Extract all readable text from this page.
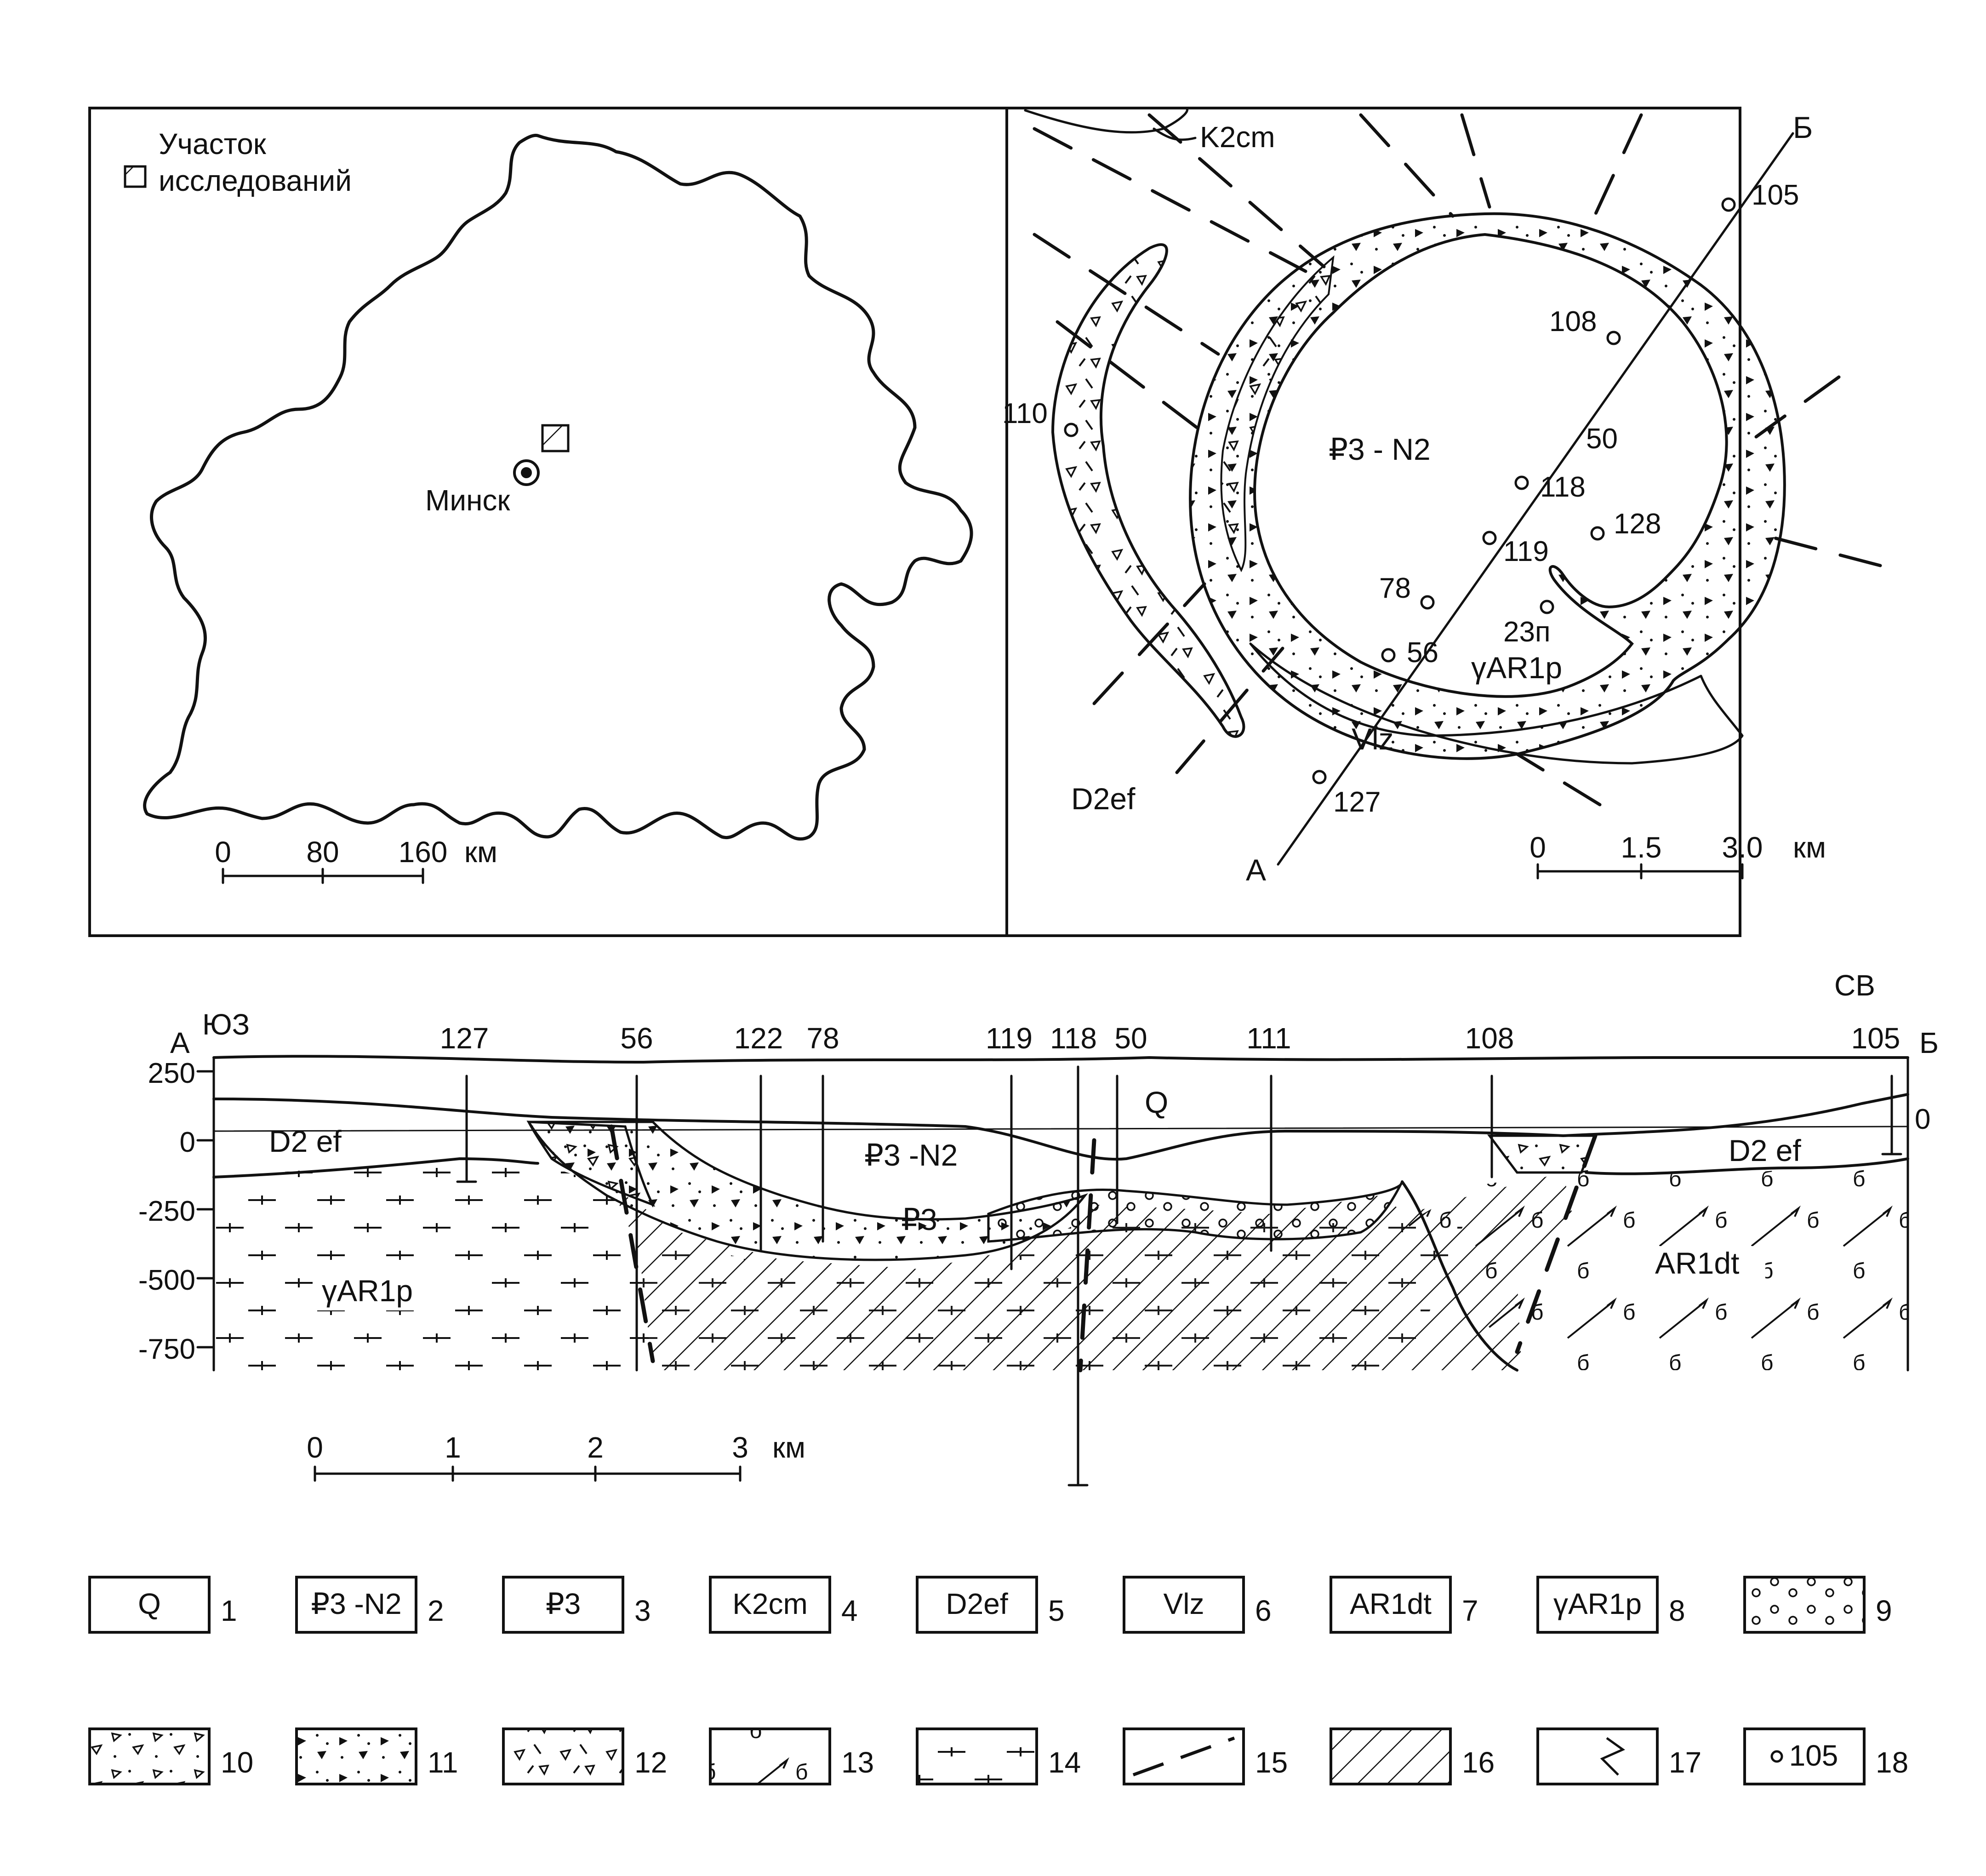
Участок
исследований
Минск
0	80 160 км
K2cm
А
Б
₽3 - N2
γAR1p
Vlz
D2ef
105
108
110
50
118
128
119
78
23п
56
127
0	1.5 3.0 км
250
0
-250
-500
-750
0
А
ЮЗ
СВ
Б
127	56	122 78	119 118 50	111	108	105
Q
D2 ef	D2 ef
₽3 -N2
₽3
γAR1p
AR1dt
0	1	2	3 км
Q 1	₽3 -N2 2	₽3 3	K2cm 4	D2ef 5	Vlz 6	AR1dt 7	γAR1p 8	9
10	11	12	13	14	15	16	17	105 18
